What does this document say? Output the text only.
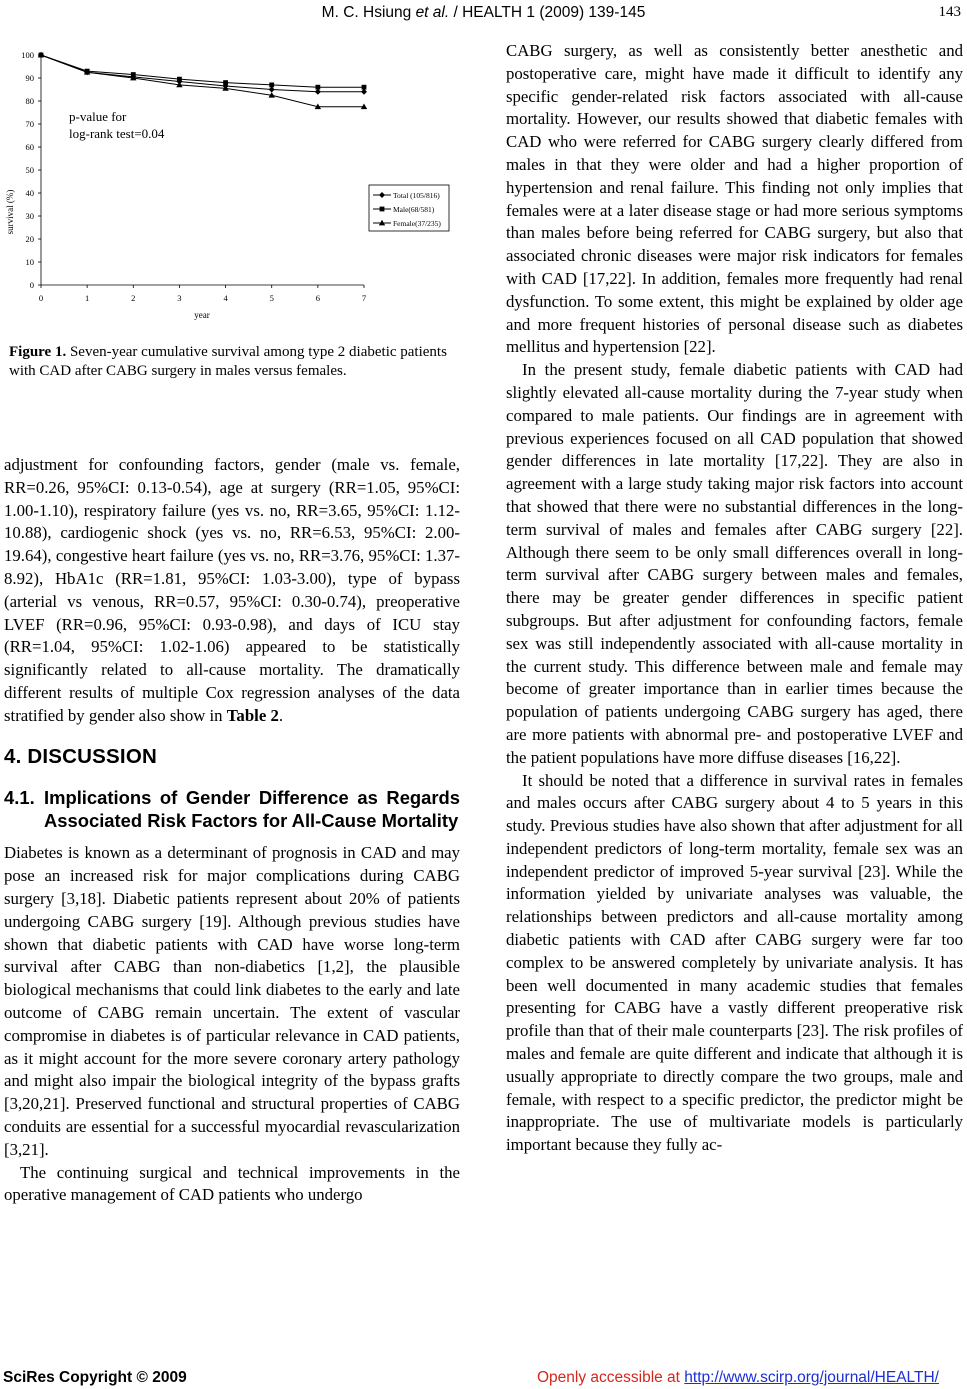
M. C. Hsiung et al. / HEALTH 1 (2009) 139-145	143
0
10
20
30
40
50
60
70
80
90
100
0	1	2	3	4	5	6	7
Total (105/816)
Male(68/581)
Female(37/235)
survival (%)
year
p-value for
log-rank test=0.04
Figure 1. Seven-year cumulative survival among type 2 diabetic patients with CAD after CABG surgery in males versus females.

adjustment for confounding factors, gender (male vs. female, RR=0.26, 95%CI: 0.13-0.54), age at surgery (RR=1.05, 95%CI: 1.00-1.10), respiratory failure (yes vs. no, RR=3.65, 95%CI: 1.12-10.88), cardiogenic shock (yes vs. no, RR=6.53, 95%CI: 2.00-19.64), congestive heart failure (yes vs. no, RR=3.76, 95%CI: 1.37-8.92), HbA1c (RR=1.81, 95%CI: 1.03-3.00), type of bypass (arterial vs venous, RR=0.57, 95%CI: 0.30-0.74), preoperative LVEF (RR=0.96, 95%CI: 0.93-0.98), and days of ICU stay (RR=1.04, 95%CI: 1.02-1.06) appeared to be statistically significantly related to all-cause mortality. The dramatically different results of multiple Cox regression analyses of the data stratified by gender also show in Table 2.

4. DISCUSSION
4.1. Implications of Gender Difference as Regards Associated Risk Factors for All-Cause Mortality

Diabetes is known as a determinant of prognosis in CAD and may pose an increased risk for major complications during CABG surgery [3,18]. Diabetic patients represent about 20% of patients undergoing CABG surgery [19]. Although previous studies have shown that diabetic patients with CAD have worse long-term survival after CABG than non-diabetics [1,2], the plausible biological mechanisms that could link diabetes to the early and late outcome of CABG remain uncertain. The extent of vascular compromise in diabetes is of particular relevance in CAD patients, as it might account for the more severe coronary artery pathology and might also impair the biological integrity of the bypass grafts [3,20,21]. Preserved functional and structural properties of CABG conduits are essential for a successful myocardial revascularization [3,21].

The continuing surgical and technical improvements in the operative management of CAD patients who undergo

CABG surgery, as well as consistently better anesthetic and postoperative care, might have made it difficult to identify any specific gender-related risk factors associated with all-cause mortality. However, our results showed that diabetic females with CAD who were referred for CABG surgery clearly differed from males in that they were older and had a higher proportion of hypertension and renal failure. This finding not only implies that females were at a later disease stage or had more serious symptoms than males before being referred for CABG surgery, but also that associated chronic diseases were major risk indicators for females with CAD [17,22]. In addition, females more frequently had renal dysfunction. To some extent, this might be explained by older age and more frequent histories of personal disease such as diabetes mellitus and hypertension [22].

In the present study, female diabetic patients with CAD had slightly elevated all-cause mortality during the 7-year study when compared to male patients. Our findings are in agreement with previous experiences focused on all CAD population that showed gender differences in late mortality [17,22]. They are also in agreement with a large study taking major risk factors into account that showed that there were no substantial differences in the long-term survival of males and females after CABG surgery [22]. Although there seem to be only small differences overall in long-term survival after CABG surgery between males and females, there may be greater gender differences in specific patient subgroups. But after adjustment for confounding factors, female sex was still independently associated with all-cause mortality in the current study. This difference between male and female may become of greater importance than in earlier times because the population of patients undergoing CABG surgery has aged, there are more patients with abnormal pre- and postoperative LVEF and the patient populations have more diffuse diseases [16,22].

It should be noted that a difference in survival rates in females and males occurs after CABG surgery about 4 to 5 years in this study. Previous studies have also shown that after adjustment for all independent predictors of long-term mortality, female sex was an independent predictor of improved 5-year survival [23]. While the information yielded by univariate analyses was valuable, the relationships between predictors and all-cause mortality among diabetic patients with CAD after CABG surgery were far too complex to be answered completely by univariate analysis. It has been well documented in many academic studies that females presenting for CABG have a vastly different preoperative risk profile than that of their male counterparts [23]. The risk profiles of males and female are quite different and indicate that although it is usually appropriate to directly compare the two groups, male and female, with respect to a specific predictor, the predictor might be inappropriate. The use of multivariate models is particularly important because they fully ac-

SciRes Copyright © 2009	Openly accessible at http://www.scirp.org/journal/HEALTH/
